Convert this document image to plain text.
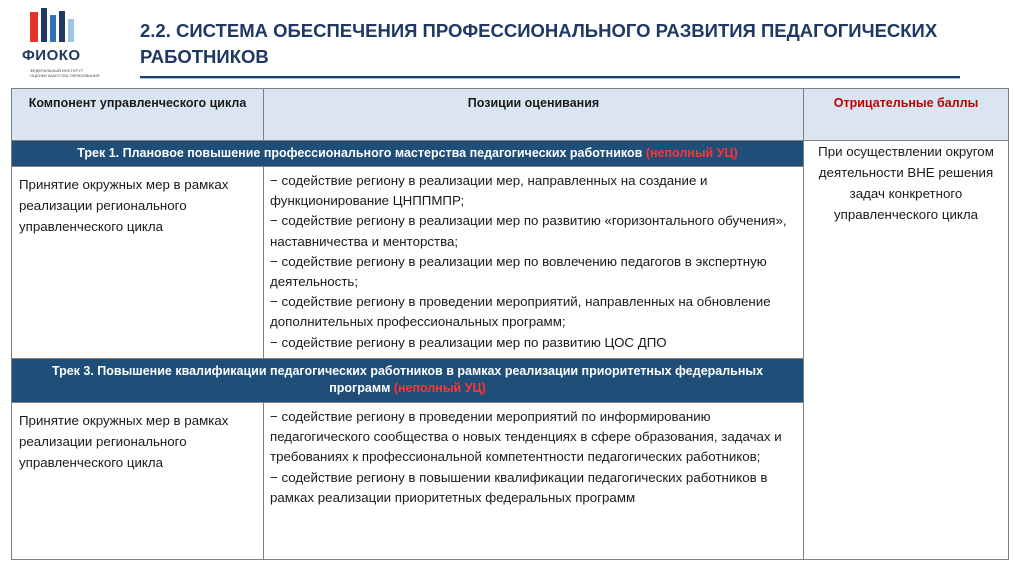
ФИОКО
ФЕДЕРАЛЬНЫЙ ИНСТИТУТ ОЦЕНКИ КАЧЕСТВА ОБРАЗОВАНИЯ
2.2. СИСТЕМА ОБЕСПЕЧЕНИЯ ПРОФЕССИОНАЛЬНОГО РАЗВИТИЯ ПЕДАГОГИЧЕСКИХ РАБОТНИКОВ
Компонент управленческого цикла	Позиции оценивания	Отрицательные баллы
Трек 1. Плановое повышение профессионального мастерства педагогических работников (неполный УЦ)		При осуществлении округом деятельности ВНЕ решения задач конкретного управленческого цикла
Принятие окружных мер в рамках реализации регионального управленческого цикла	− содействие региону в реализации мер, направленных на создание и функционирование ЦНППМПР;
− содействие региону в реализации мер по развитию «горизонтального обучения», наставничества и менторства;
− содействие региону в реализации мер по вовлечению педагогов в экспертную деятельность;
− содействие региону в проведении мероприятий, направленных на обновление дополнительных профессиональных программ;
− содействие региону в реализации мер по развитию ЦОС ДПО	

Трек 3. Повышение квалификации педагогических работников в рамках реализации приоритетных федеральных программ (неполный УЦ)		
Принятие окружных мер в рамках реализации регионального управленческого цикла	− содействие региону в проведении мероприятий по информированию педагогического сообщества о новых тенденциях в сфере образования, задачах и требованиях к профессиональной компетентности педагогических работников;
− содействие региону в повышении квалификации педагогических работников в рамках реализации приоритетных федеральных программ	
